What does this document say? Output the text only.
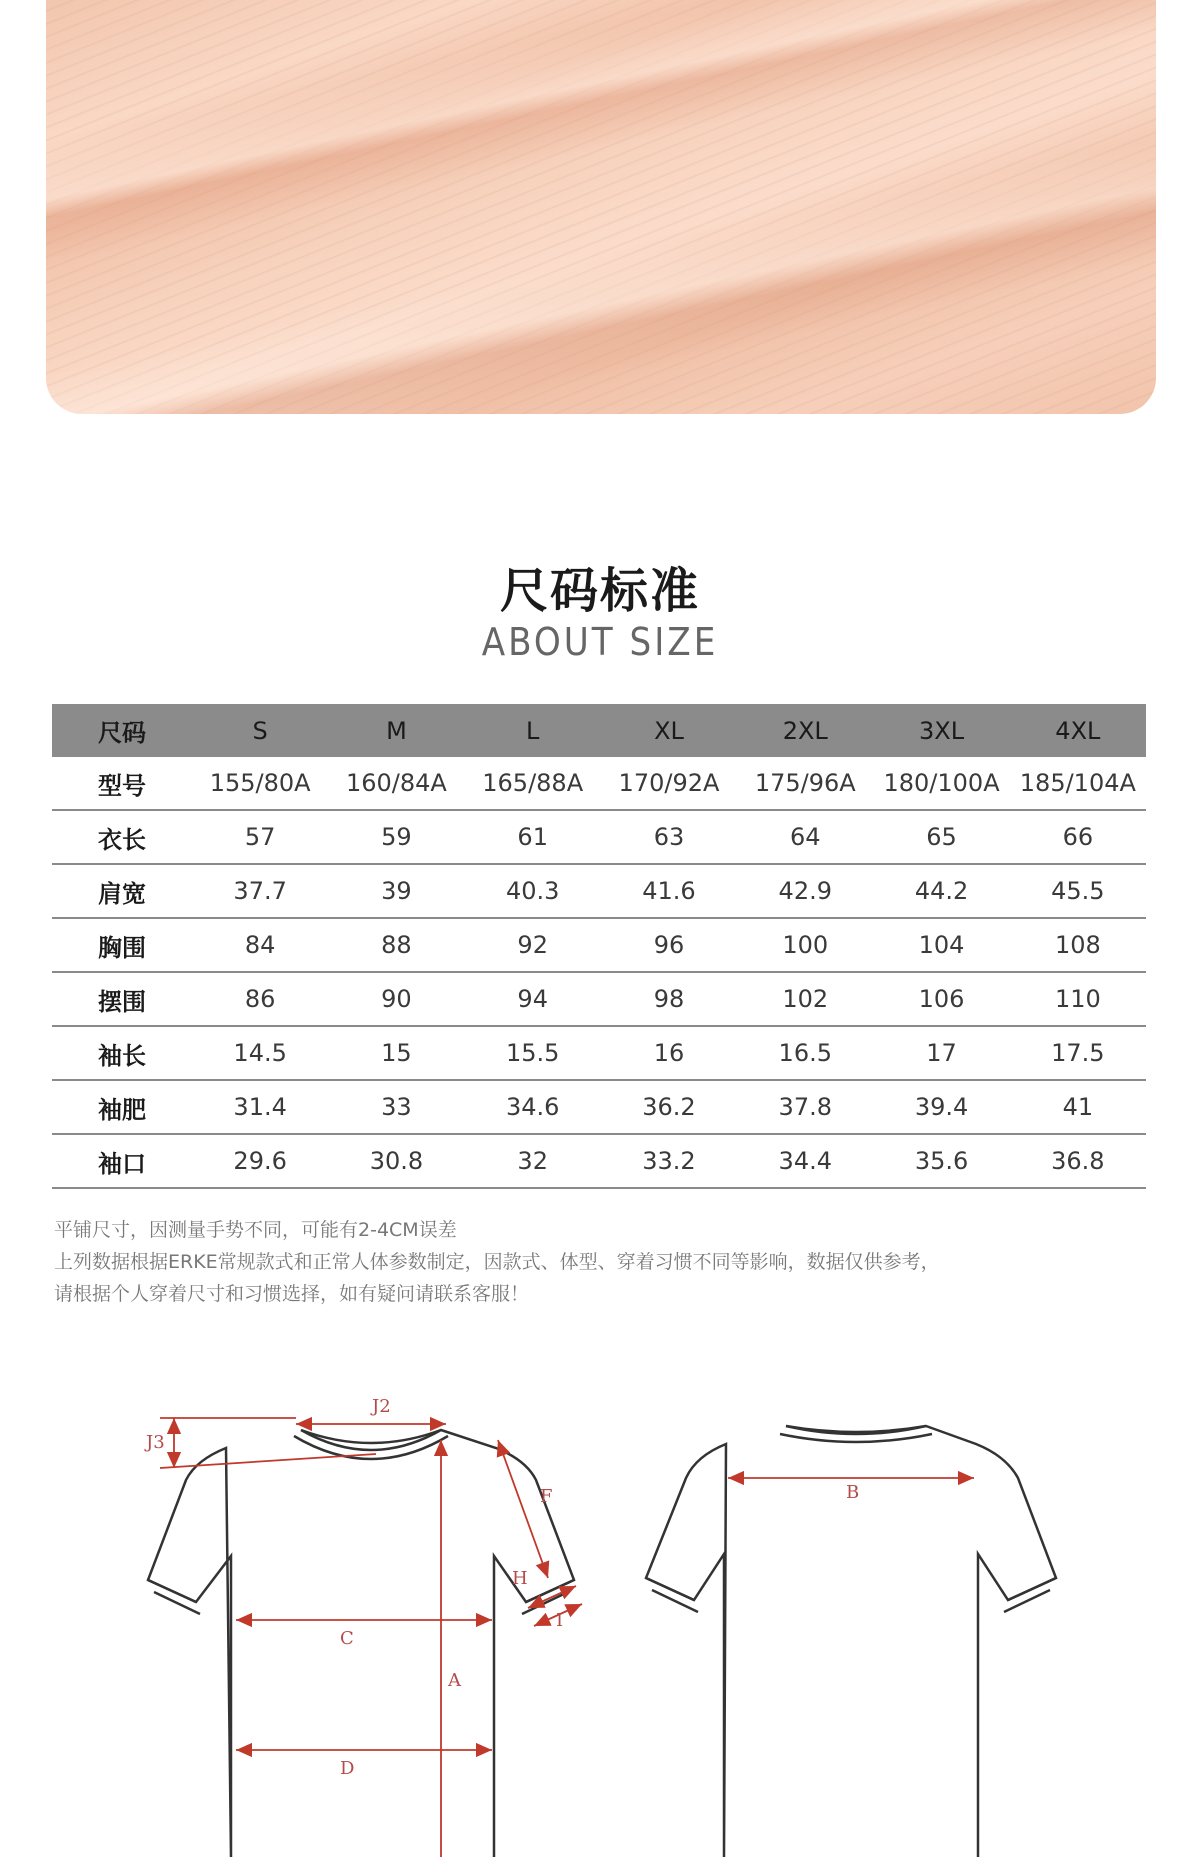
尺码标准
ABOUT SIZE
尺码	S	M	L	XL	2XL	3XL	4XL
型号	155/80A	160/84A	165/88A	170/92A	175/96A	180/100A	185/104A
衣长	57	59	61	63	64	65	66
肩宽	37.7	39	40.3	41.6	42.9	44.2	45.5
胸围	84	88	92	96	100	104	108
摆围	86	90	94	98	102	106	110
袖长	14.5	15	15.5	16	16.5	17	17.5
袖肥	31.4	33	34.6	36.2	37.8	39.4	41
袖口	29.6	30.8	32	33.2	34.4	35.6	36.8
平铺尺寸，因测量手势不同，可能有2-4CM误差
上列数据根据ERKE常规款式和正常人体参数制定，因款式、体型、穿着习惯不同等影响，数据仅供参考，
请根据个人穿着尺寸和习惯选择，如有疑问请联系客服！
J2
J3
F
H
I
C
A
D
B
